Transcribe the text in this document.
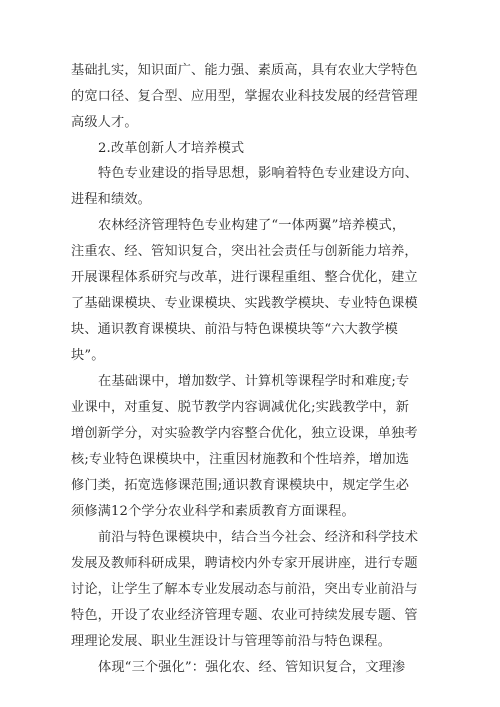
基础扎实，知识面广、能力强、素质高，具有农业大学特色
的宽口径、复合型、应用型，掌握农业科技发展的经营管理
高级人才。
2.改革创新人才培养模式
特色专业建设的指导思想，影响着特色专业建设方向、
进程和绩效。
农林经济管理特色专业构建了“一体两翼”培养模式，
注重农、经、管知识复合，突出社会责任与创新能力培养，
开展课程体系研究与改革，进行课程重组、整合优化，建立
了基础课模块、专业课模块、实践教学模块、专业特色课模
块、通识教育课模块、前沿与特色课模块等“六大教学模
块”。
在基础课中，增加数学、计算机等课程学时和难度;专
业课中，对重复、脱节教学内容调减优化;实践教学中，新
增创新学分，对实验教学内容整合优化，独立设课，单独考
核;专业特色课模块中，注重因材施教和个性培养，增加选
修门类，拓宽选修课范围;通识教育课模块中，规定学生必
须修满12个学分农业科学和素质教育方面课程。
前沿与特色课模块中，结合当今社会、经济和科学技术
发展及教师科研成果，聘请校内外专家开展讲座，进行专题
讨论，让学生了解本专业发展动态与前沿，突出专业前沿与
特色，开设了农业经济管理专题、农业可持续发展专题、管
理理论发展、职业生涯设计与管理等前沿与特色课程。
体现“三个强化”：强化农、经、管知识复合，文理渗
